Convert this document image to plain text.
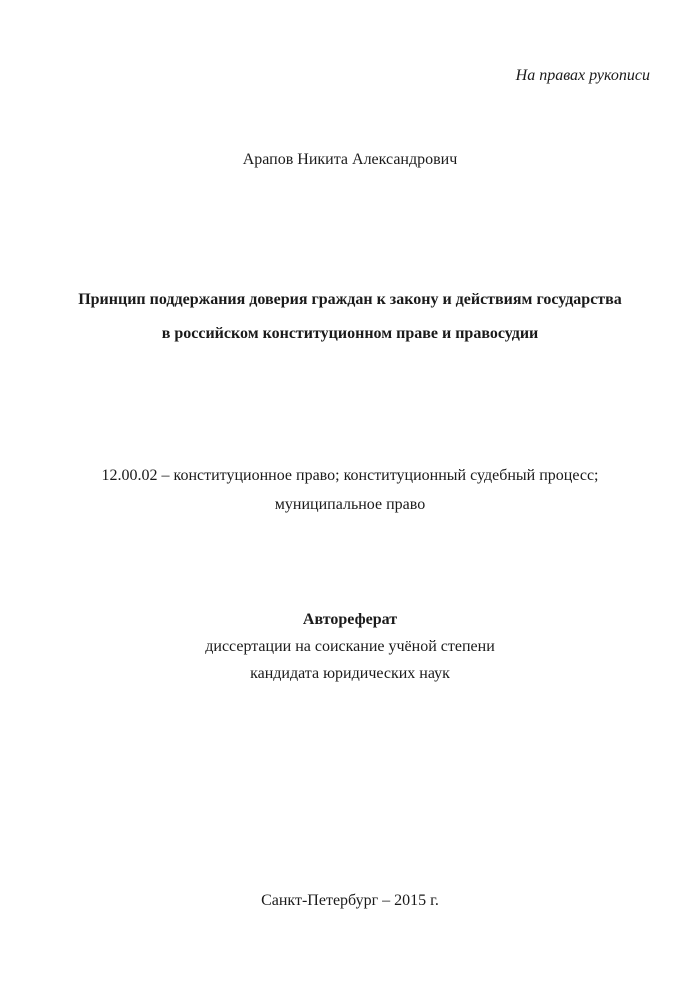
На правах рукописи
Арапов Никита Александрович
Принцип поддержания доверия граждан к закону и действиям государства
в российском конституционном праве и правосудии
12.00.02 – конституционное право; конституционный судебный процесс;
муниципальное право
Автореферат
диссертации на соискание учёной степени
кандидата юридических наук
Санкт-Петербург – 2015 г.
